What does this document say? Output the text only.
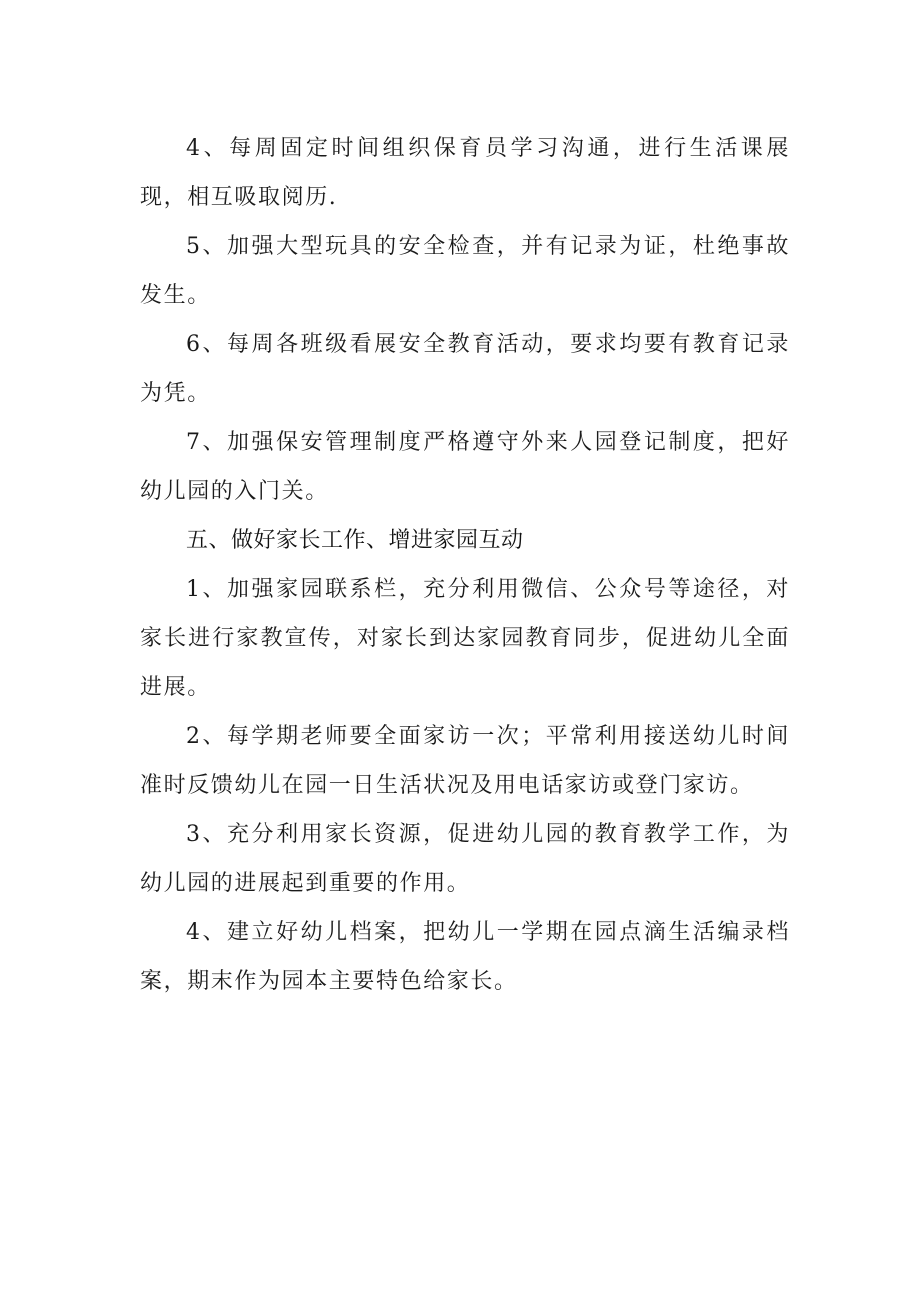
4、每周固定时间组织保育员学习沟通，进行生活课展现，相互吸取阅历.

5、加强大型玩具的安全检查，并有记录为证，杜绝事故发生。

6、每周各班级看展安全教育活动，要求均要有教育记录为凭。

7、加强保安管理制度严格遵守外来人园登记制度，把好幼儿园的入门关。

五、做好家长工作、增进家园互动

1、加强家园联系栏，充分利用微信、公众号等途径，对家长进行家教宣传，对家长到达家园教育同步，促进幼儿全面进展。

2、每学期老师要全面家访一次；平常利用接送幼儿时间准时反馈幼儿在园一日生活状况及用电话家访或登门家访。

3、充分利用家长资源，促进幼儿园的教育教学工作，为幼儿园的进展起到重要的作用。

4、建立好幼儿档案，把幼儿一学期在园点滴生活编录档案，期末作为园本主要特色给家长。
